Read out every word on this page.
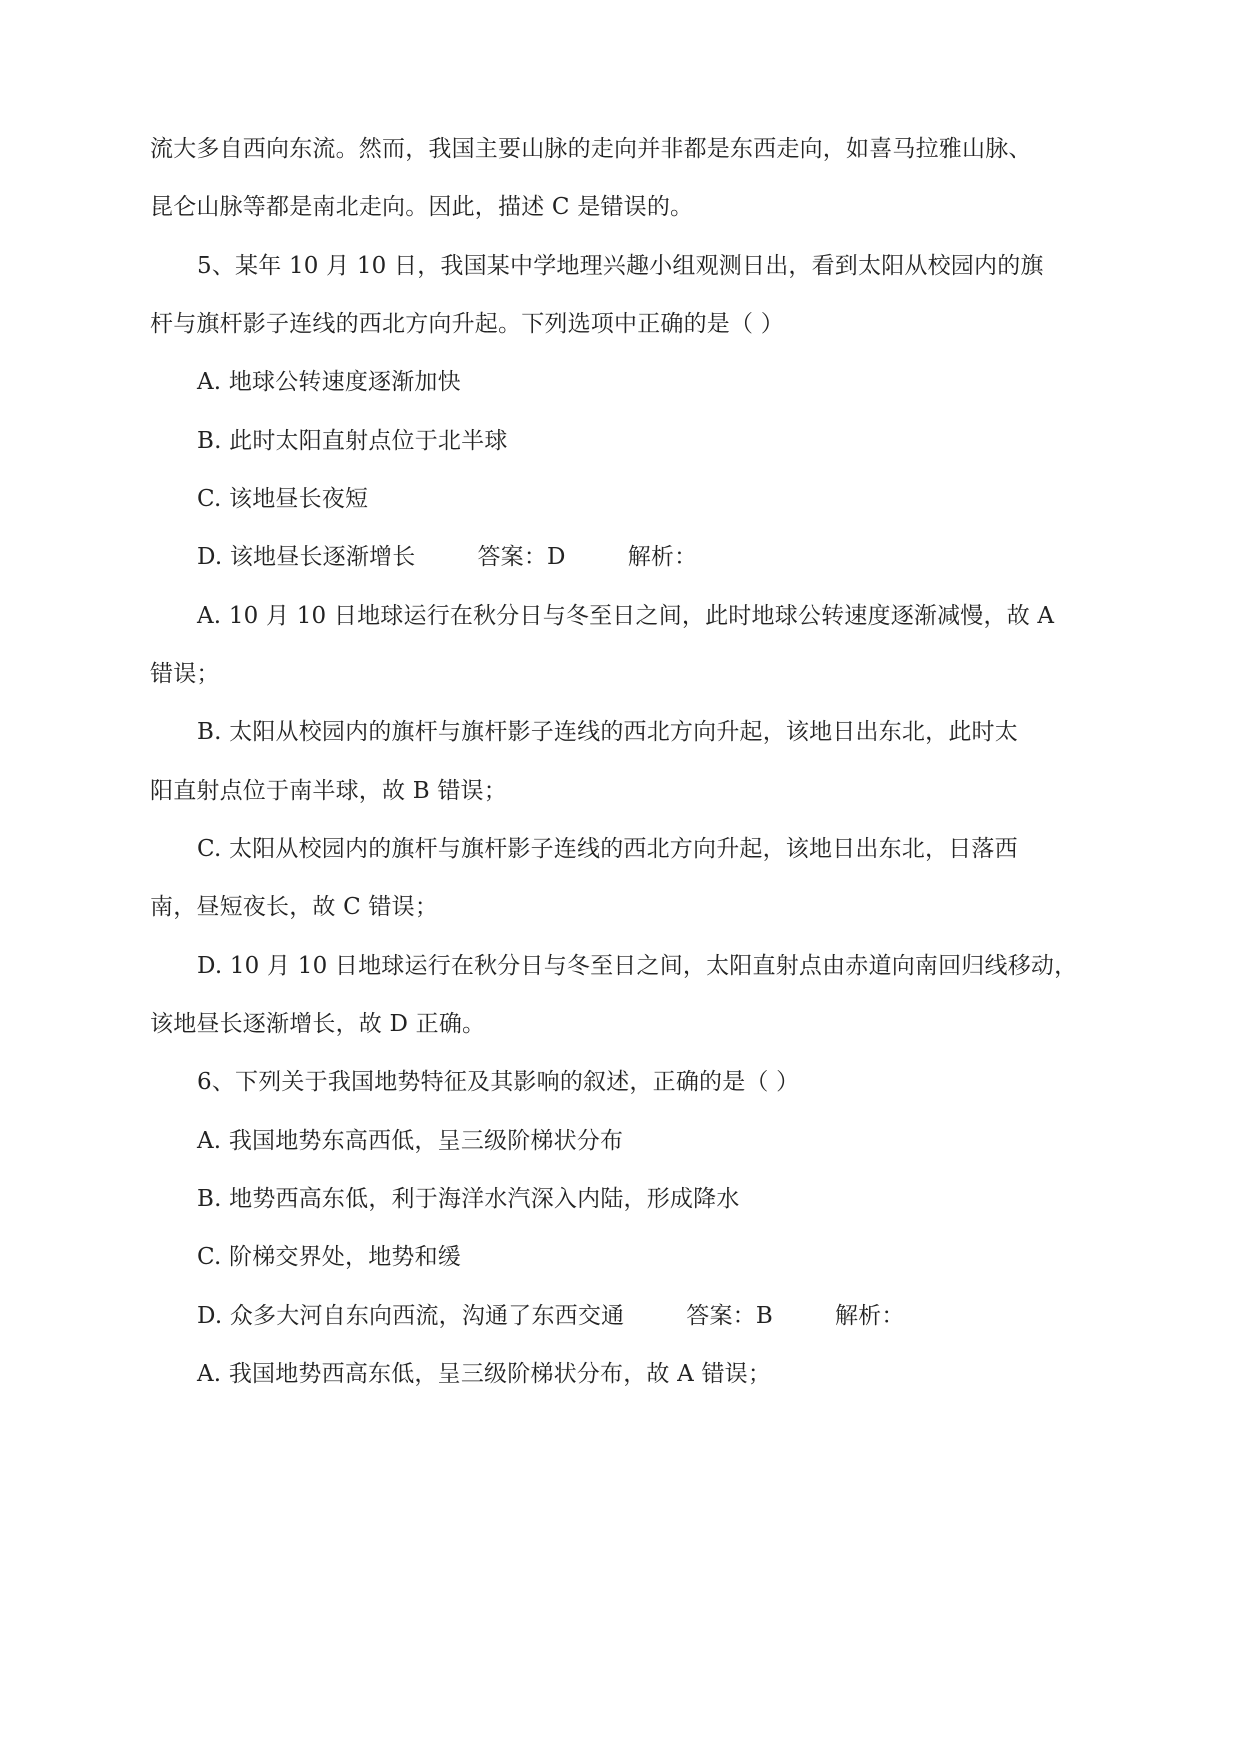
流大多自西向东流。然而，我国主要山脉的走向并非都是东西走向，如喜马拉雅山脉、
昆仑山脉等都是南北走向。因此，描述 C 是错误的。
5、某年 10 月 10 日，我国某中学地理兴趣小组观测日出，看到太阳从校园内的旗
杆与旗杆影子连线的西北方向升起。下列选项中正确的是（ ）
A. 地球公转速度逐渐加快
B. 此时太阳直射点位于北半球
C. 该地昼长夜短
D. 该地昼长逐渐增长	答案：D	解析：
A. 10 月 10 日地球运行在秋分日与冬至日之间，此时地球公转速度逐渐减慢，故 A
错误；
B. 太阳从校园内的旗杆与旗杆影子连线的西北方向升起，该地日出东北，此时太
阳直射点位于南半球，故 B 错误；
C. 太阳从校园内的旗杆与旗杆影子连线的西北方向升起，该地日出东北，日落西
南，昼短夜长，故 C 错误；
D. 10 月 10 日地球运行在秋分日与冬至日之间，太阳直射点由赤道向南回归线移动，
该地昼长逐渐增长，故 D 正确。
6、下列关于我国地势特征及其影响的叙述，正确的是（ ）
A. 我国地势东高西低，呈三级阶梯状分布
B. 地势西高东低，利于海洋水汽深入内陆，形成降水
C. 阶梯交界处，地势和缓
D. 众多大河自东向西流，沟通了东西交通	答案：B	解析：
A. 我国地势西高东低，呈三级阶梯状分布，故 A 错误；
